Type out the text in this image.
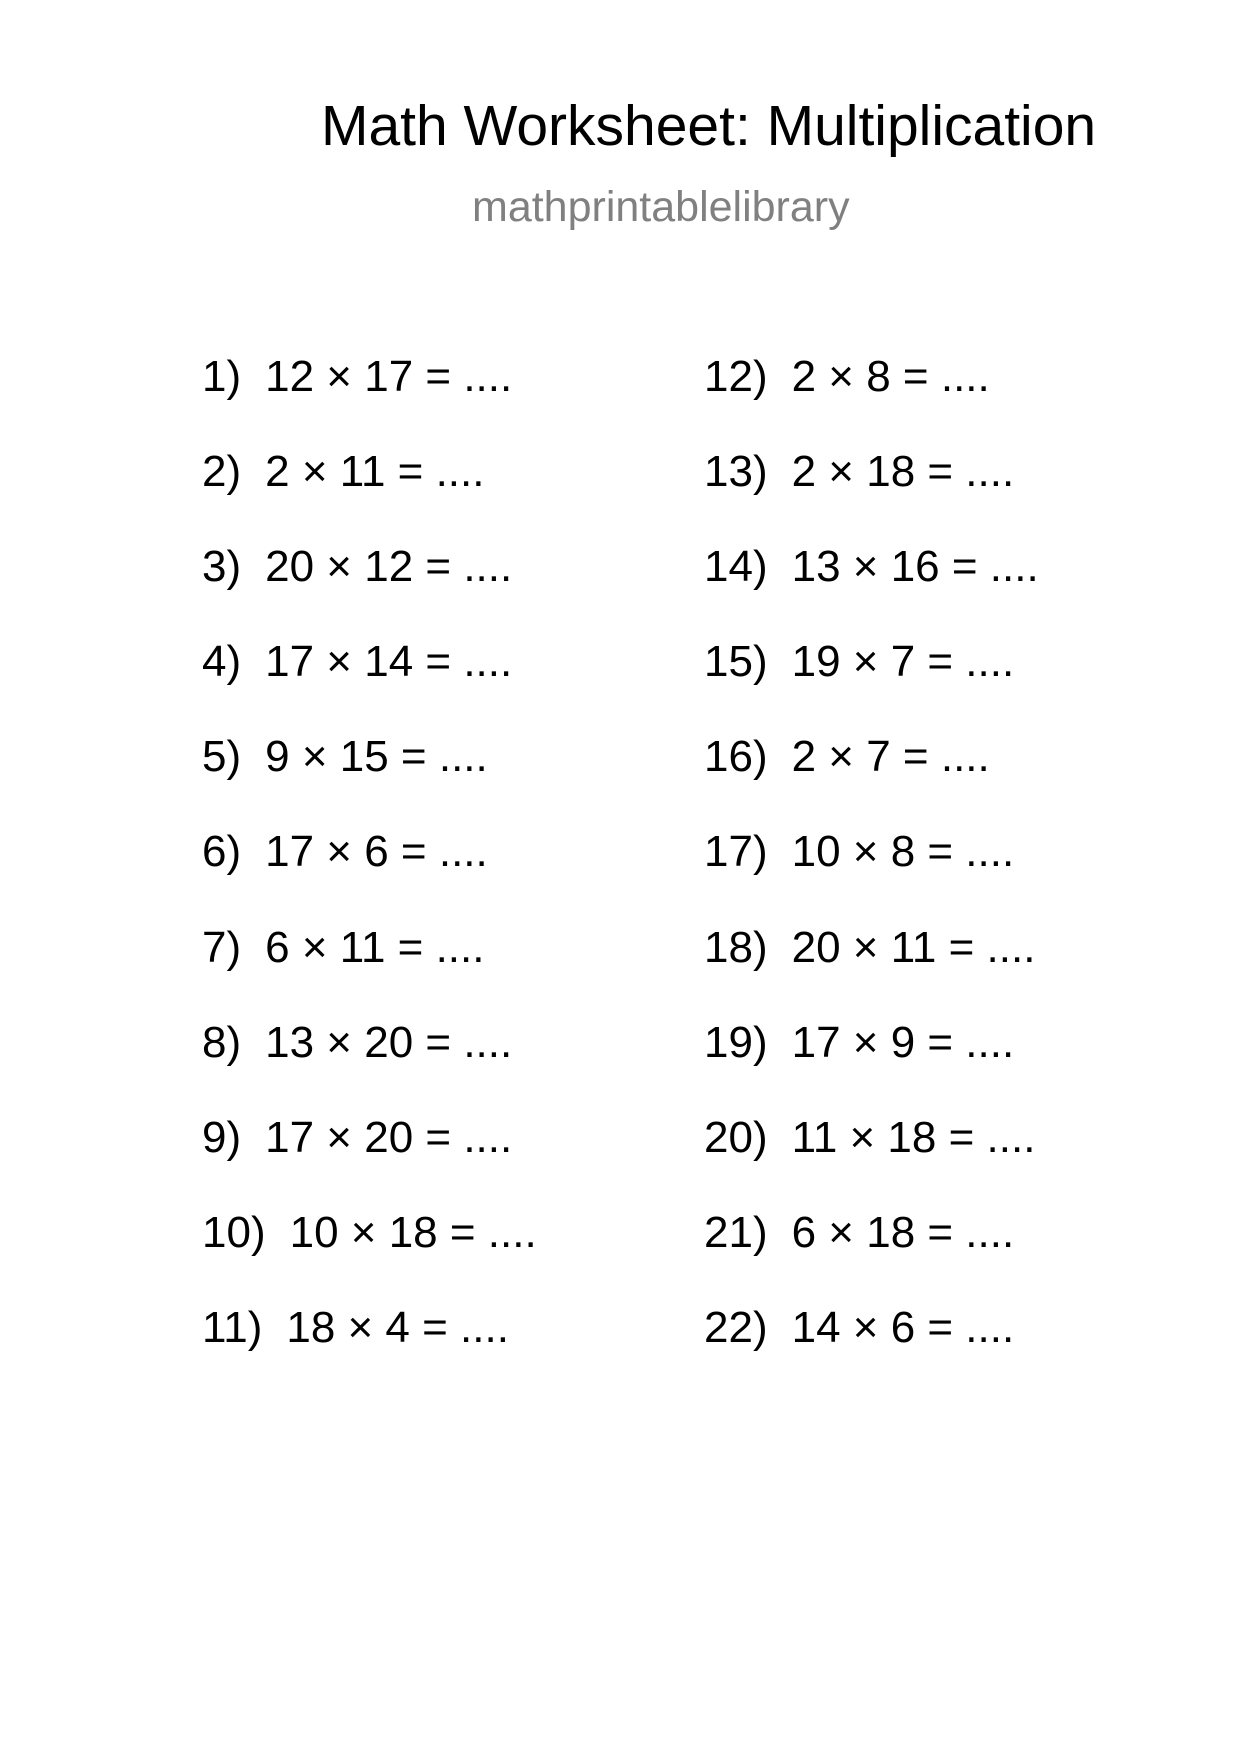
Math Worksheet: Multiplication
mathprintablelibrary
1 ) 12 × 17 = ....
2 ) 2 × 11 = ....
3 ) 20 × 12 = ....
4 ) 17 × 14 = ....
5 ) 9 × 15 = ....
6 ) 17 × 6 = ....
7 ) 6 × 11 = ....
8 ) 13 × 20 = ....
9 ) 17 × 20 = ....
10 ) 10 × 18 = ....
11 ) 18 × 4 = ....
12 ) 2 × 8 = ....
13 ) 2 × 18 = ....
14 ) 13 × 16 = ....
15 ) 19 × 7 = ....
16 ) 2 × 7 = ....
17 ) 10 × 8 = ....
18 ) 20 × 11 = ....
19 ) 17 × 9 = ....
20 ) 11 × 18 = ....
21 ) 6 × 18 = ....
22 ) 14 × 6 = ....
